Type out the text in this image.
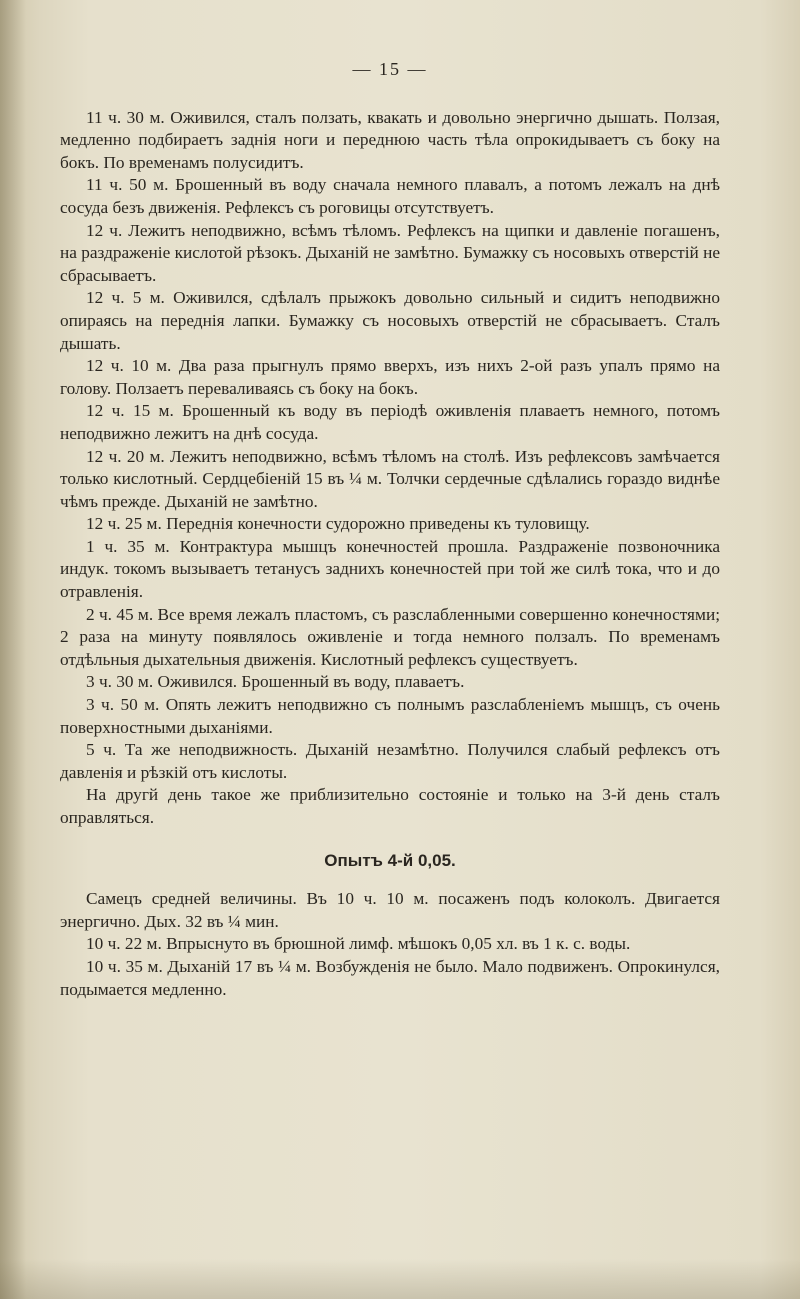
— 15 —

11 ч. 30 м. Оживился, сталъ ползать, квакать и довольно энергично дышать. Ползая, медленно подбираетъ заднія ноги и переднюю часть тѣла опрокидываетъ съ боку на бокъ. По временамъ полусидитъ.

11 ч. 50 м. Брошенный въ воду сначала немного плавалъ, а потомъ лежалъ на днѣ сосуда безъ движенія. Рефлексъ съ роговицы отсутствуетъ.

12 ч. Лежитъ неподвижно, всѣмъ тѣломъ. Рефлексъ на щипки и давленіе погашенъ, на раздраженіе кислотой рѣзокъ. Дыханій не замѣтно. Бумажку съ носовыхъ отверстій не сбрасываетъ.

12 ч. 5 м. Оживился, сдѣлалъ прыжокъ довольно сильный и сидитъ неподвижно опираясь на переднія лапки. Бумажку съ носовыхъ отверстій не сбрасываетъ. Сталъ дышать.

12 ч. 10 м. Два раза прыгнулъ прямо вверхъ, изъ нихъ 2-ой разъ упалъ прямо на голову. Ползаетъ переваливаясь съ боку на бокъ.

12 ч. 15 м. Брошенный къ воду въ періодѣ оживленія плаваетъ немного, потомъ неподвижно лежитъ на днѣ сосуда.

12 ч. 20 м. Лежитъ неподвижно, всѣмъ тѣломъ на столѣ. Изъ рефлексовъ замѣчается только кислотный. Сердцебіеній 15 въ ¼ м. Толчки сердечные сдѣлались гораздо виднѣе чѣмъ прежде. Дыханій не замѣтно.

12 ч. 25 м. Переднія конечности судорожно приведены къ туловищу.

1 ч. 35 м. Контрактура мышцъ конечностей прошла. Раздраженіе позвоночника индук. токомъ вызываетъ тетанусъ заднихъ конечностей при той же силѣ тока, что и до отравленія.

2 ч. 45 м. Все время лежалъ пластомъ, съ разслабленными совершенно конечностями; 2 раза на минуту появлялось оживленіе и тогда немного ползалъ. По временамъ отдѣльныя дыхательныя движенія. Кислотный рефлексъ существуетъ.

3 ч. 30 м. Оживился. Брошенный въ воду, плаваетъ.

3 ч. 50 м. Опять лежитъ неподвижно съ полнымъ разслабленіемъ мышцъ, съ очень поверхностными дыханіями.

5 ч. Та же неподвижность. Дыханій незамѣтно. Получился слабый рефлексъ отъ давленія и рѣзкій отъ кислоты.

На другй день такое же приблизительно состояніе и только на 3-й день сталъ оправляться.

Опытъ 4-й 0,05.

Самецъ средней величины. Въ 10 ч. 10 м. посаженъ подъ колоколъ. Двигается энергично. Дых. 32 въ ¼ мин.

10 ч. 22 м. Впрыснуто въ брюшной лимф. мѣшокъ 0,05 хл. въ 1 к. с. воды.

10 ч. 35 м. Дыханій 17 въ ¼ м. Возбужденія не было. Мало подвиженъ. Опрокинулся, подымается медленно.
